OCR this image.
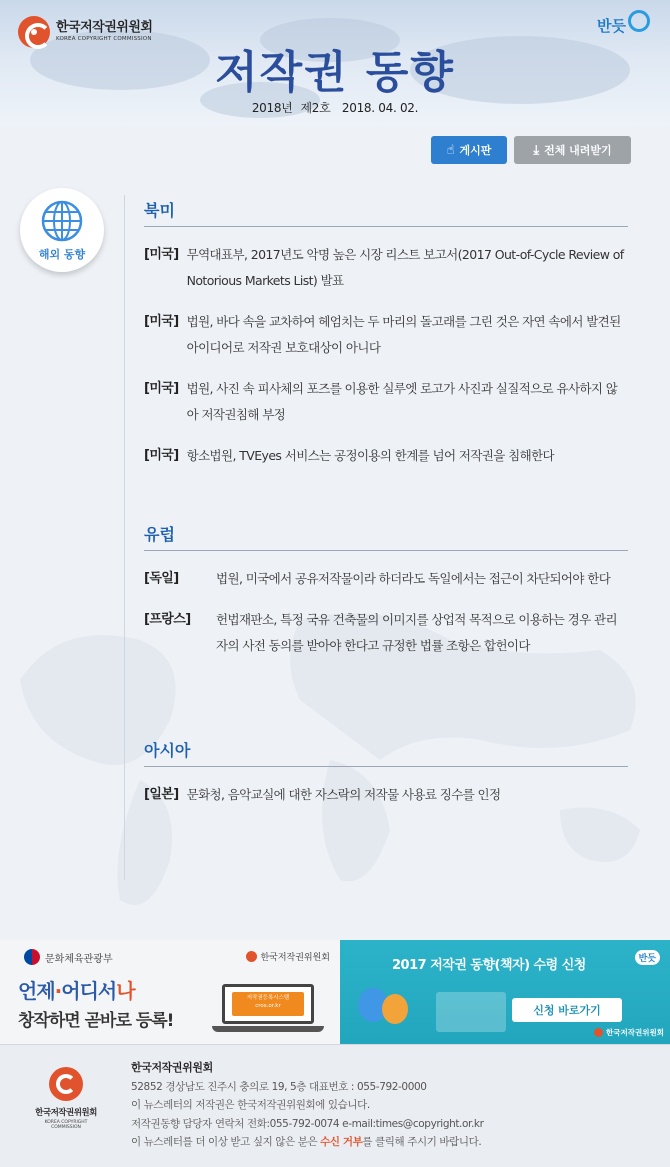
한국저작권위원회
KOREA COPYRIGHT COMMISSION
반듯
저작권 동향
2018년 제2호 2018. 04. 02.
☝ 게시판	⤓ 전체 내려받기
해외 동향
북미
[미국] 무역대표부, 2017년도 악명 높은 시장 리스트 보고서(2017 Out-of-Cycle Review of Notorious Markets List) 발표
[미국] 법원, 바다 속을 교차하여 헤엄치는 두 마리의 돌고래를 그린 것은 자연 속에서 발견된 아이디어로 저작권 보호대상이 아니다
[미국] 법원, 사진 속 피사체의 포즈를 이용한 실루엣 로고가 사진과 실질적으로 유사하지 않아 저작권침해 부정
[미국] 항소법원, TVEyes 서비스는 공정이용의 한계를 넘어 저작권을 침해한다
유럽
[독일]	법원, 미국에서 공유저작물이라 하더라도 독일에서는 접근이 차단되어야 한다
[프랑스]	헌법재판소, 특정 국유 건축물의 이미지를 상업적 목적으로 이용하는 경우 관리자의 사전 동의를 받아야 한다고 규정한 법률 조항은 합헌이다
아시아
[일본] 문화청, 음악교실에 대한 자스락의 저작물 사용료 징수를 인정
문화체육관광부	한국저작권위원회
언제·어디서나
창작하면 곧바로 등록!
저작권등록시스템
cros.or.kr
2017 저작권 동향(책자) 수령 신청	반듯
신청 바로가기
한국저작권위원회
한국저작권위원회
KOREA COPYRIGHT COMMISSION
한국저작권위원회
52852 경상남도 진주시 충의로 19, 5층 대표번호 : 055-792-0000
이 뉴스레터의 저작권은 한국저작권위원회에 있습니다.
저작권동향 담당자 연락처 전화:055-792-0074 e-mail:times@copyright.or.kr
이 뉴스레터를 더 이상 받고 싶지 않은 분은 수신 거부를 클릭해 주시기 바랍니다.
